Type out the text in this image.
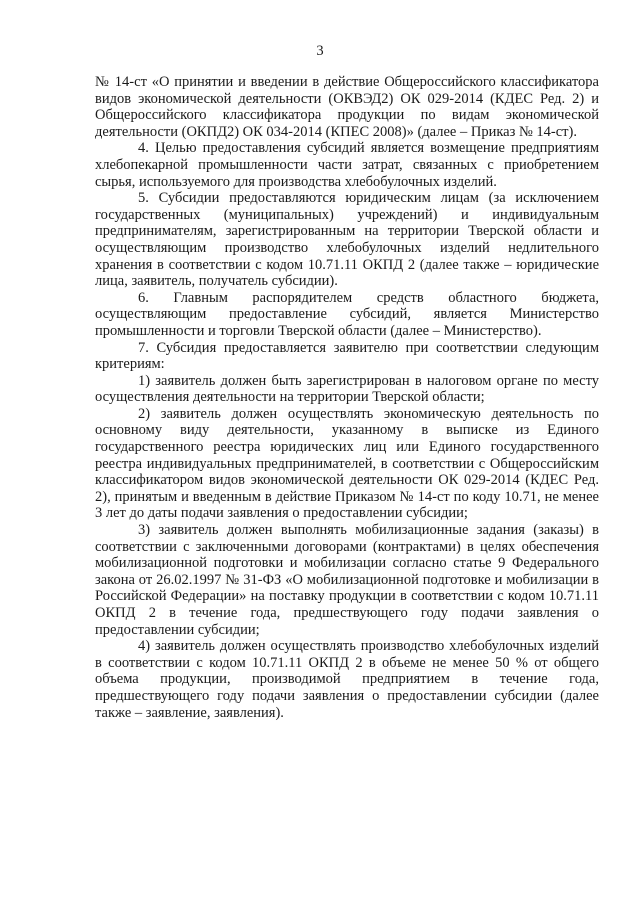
3

№ 14-ст «О принятии и введении в действие Общероссийского классификатора видов экономической деятельности (ОКВЭД2) ОК 029-2014 (КДЕС Ред. 2) и Общероссийского классификатора продукции по видам экономической деятельности (ОКПД2) ОК 034-2014 (КПЕС 2008)» (далее – Приказ № 14-ст).

4. Целью предоставления субсидий является возмещение предприятиям хлебопекарной промышленности части затрат, связанных с приобретением сырья, используемого для производства хлебобулочных изделий.

5. Субсидии предоставляются юридическим лицам (за исключением государственных (муниципальных) учреждений) и индивидуальным предпринимателям, зарегистрированным на территории Тверской области и осуществляющим производство хлебобулочных изделий недлительного хранения в соответствии с кодом 10.71.11 ОКПД 2 (далее также – юридические лица, заявитель, получатель субсидии).

6. Главным распорядителем средств областного бюджета, осуществляющим предоставление субсидий, является Министерство промышленности и торговли Тверской области (далее – Министерство).

7. Субсидия предоставляется заявителю при соответствии следующим критериям:

1) заявитель должен быть зарегистрирован в налоговом органе по месту осуществления деятельности на территории Тверской области;

2) заявитель должен осуществлять экономическую деятельность по основному виду деятельности, указанному в выписке из Единого государственного реестра юридических лиц или Единого государственного реестра индивидуальных предпринимателей, в соответствии с Общероссийским классификатором видов экономической деятельности ОК 029-2014 (КДЕС Ред. 2), принятым и введенным в действие Приказом № 14-ст по коду 10.71, не менее 3 лет до даты подачи заявления о предоставлении субсидии;

3) заявитель должен выполнять мобилизационные задания (заказы) в соответствии с заключенными договорами (контрактами) в целях обеспечения мобилизационной подготовки и мобилизации согласно статье 9 Федерального закона от 26.02.1997 № 31-ФЗ «О мобилизационной подготовке и мобилизации в Российской Федерации» на поставку продукции в соответствии с кодом 10.71.11 ОКПД 2 в течение года, предшествующего году подачи заявления о предоставлении субсидии;

4) заявитель должен осуществлять производство хлебобулочных изделий в соответствии с кодом 10.71.11 ОКПД 2 в объеме не менее 50 % от общего объема продукции, производимой предприятием в течение года, предшествующего году подачи заявления о предоставлении субсидии (далее также – заявление, заявления).
